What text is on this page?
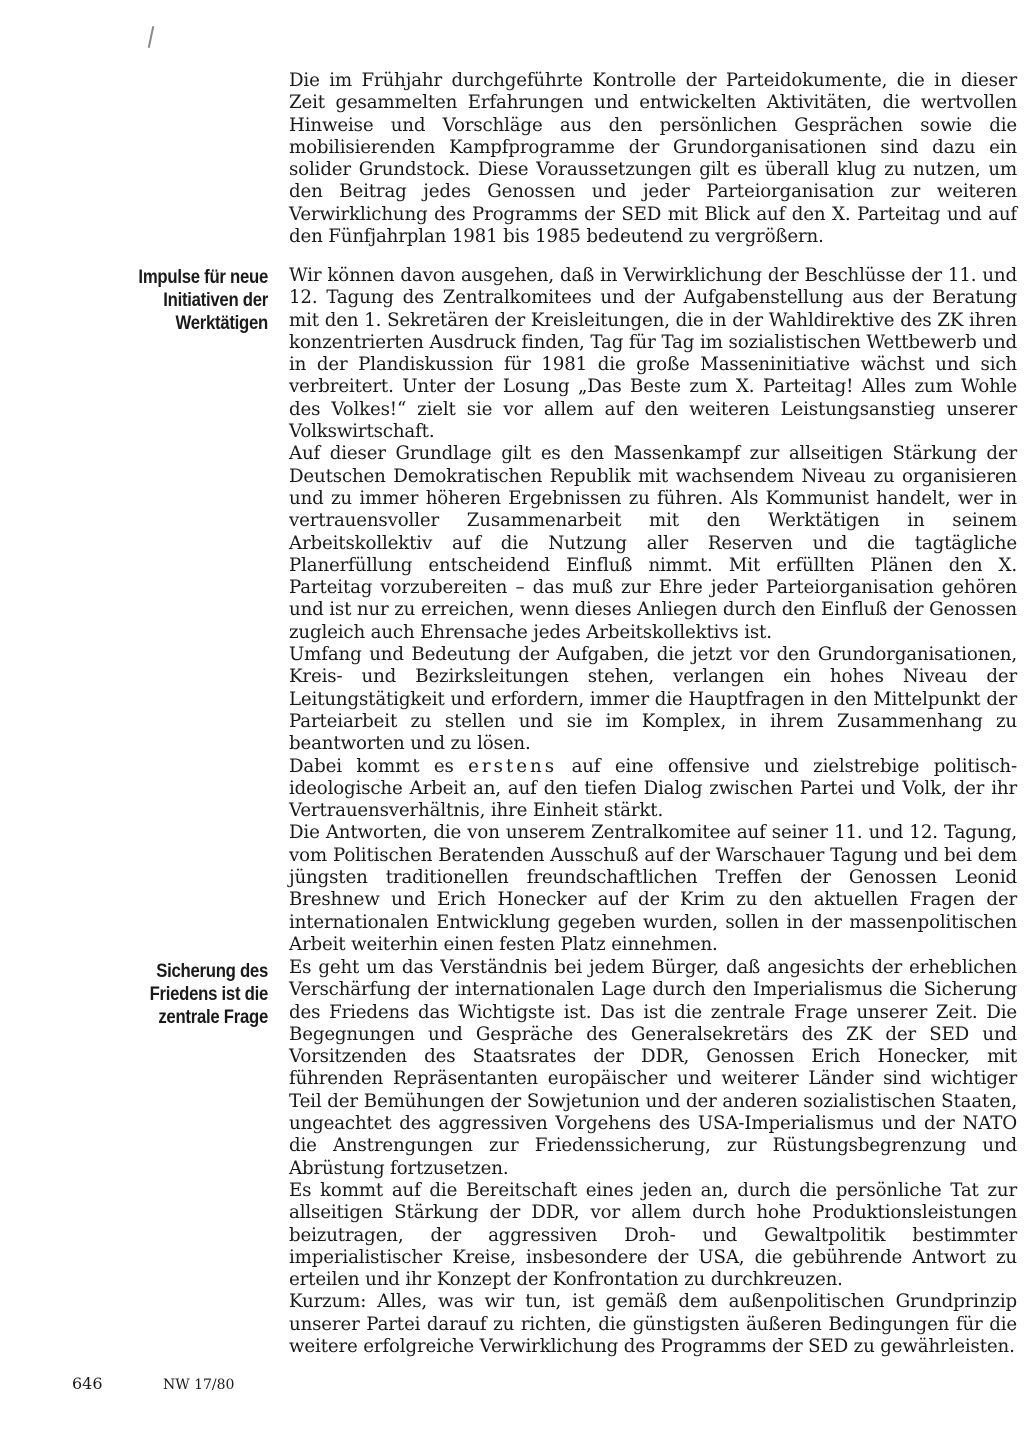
Die im Frühjahr durchgeführte Kontrolle der Parteidokumente, die in dieser Zeit gesammelten Erfahrungen und entwickelten Aktivitäten, die wertvollen Hinweise und Vorschläge aus den persönlichen Gesprächen sowie die mobilisierenden Kampfprogramme der Grundorganisationen sind dazu ein solider Grundstock. Diese Voraussetzungen gilt es überall klug zu nutzen, um den Beitrag jedes Genossen und jeder Parteiorganisation zur weiteren Verwirklichung des Programms der SED mit Blick auf den X. Parteitag und auf den Fünfjahrplan 1981 bis 1985 bedeutend zu vergrößern.

Impulse für neue
Initiativen der
Werktätigen

Wir können davon ausgehen, daß in Verwirklichung der Beschlüsse der 11. und 12. Tagung des Zentralkomitees und der Aufgabenstellung aus der Beratung mit den 1. Sekretären der Kreisleitungen, die in der Wahldirektive des ZK ihren konzentrierten Ausdruck finden, Tag für Tag im sozialistischen Wettbewerb und in der Plandiskussion für 1981 die große Masseninitiative wächst und sich verbreitert. Unter der Losung „Das Beste zum X. Parteitag! Alles zum Wohle des Volkes!“ zielt sie vor allem auf den weiteren Leistungsanstieg unserer Volkswirtschaft.

Auf dieser Grundlage gilt es den Massenkampf zur allseitigen Stärkung der Deutschen Demokratischen Republik mit wachsendem Niveau zu organisieren und zu immer höheren Ergebnissen zu führen. Als Kommunist handelt, wer in vertrauensvoller Zusammenarbeit mit den Werktätigen in seinem Arbeitskollektiv auf die Nutzung aller Reserven und die tagtägliche Planerfüllung entscheidend Einfluß nimmt. Mit erfüllten Plänen den X. Parteitag vorzubereiten – das muß zur Ehre jeder Parteiorganisation gehören und ist nur zu erreichen, wenn dieses Anliegen durch den Einfluß der Genossen zugleich auch Ehrensache jedes Arbeitskollektivs ist.

Umfang und Bedeutung der Aufgaben, die jetzt vor den Grundorganisationen, Kreis- und Bezirksleitungen stehen, verlangen ein hohes Niveau der Leitungstätigkeit und erfordern, immer die Hauptfragen in den Mittelpunkt der Parteiarbeit zu stellen und sie im Komplex, in ihrem Zusammenhang zu beantworten und zu lösen.

Dabei kommt es erstens auf eine offensive und zielstrebige politisch-ideologische Arbeit an, auf den tiefen Dialog zwischen Partei und Volk, der ihr Vertrauensverhältnis, ihre Einheit stärkt.

Die Antworten, die von unserem Zentralkomitee auf seiner 11. und 12. Tagung, vom Politischen Beratenden Ausschuß auf der Warschauer Tagung und bei dem jüngsten traditionellen freundschaftlichen Treffen der Genossen Leonid Breshnew und Erich Honecker auf der Krim zu den aktuellen Fragen der internationalen Entwicklung gegeben wurden, sollen in der massenpolitischen Arbeit weiterhin einen festen Platz einnehmen.

Sicherung des
Friedens ist die
zentrale Frage

Es geht um das Verständnis bei jedem Bürger, daß angesichts der erheblichen Verschärfung der internationalen Lage durch den Imperialismus die Sicherung des Friedens das Wichtigste ist. Das ist die zentrale Frage unserer Zeit. Die Begegnungen und Gespräche des Generalsekretärs des ZK der SED und Vorsitzenden des Staatsrates der DDR, Genossen Erich Honecker, mit führenden Repräsentanten europäischer und weiterer Länder sind wichtiger Teil der Bemühungen der Sowjetunion und der anderen sozialistischen Staaten, ungeachtet des aggressiven Vorgehens des USA-Imperialismus und der NATO die Anstrengungen zur Friedenssicherung, zur Rüstungsbegrenzung und Abrüstung fortzusetzen.

Es kommt auf die Bereitschaft eines jeden an, durch die persönliche Tat zur allseitigen Stärkung der DDR, vor allem durch hohe Produktionsleistungen beizutragen, der aggressiven Droh- und Gewaltpolitik bestimmter imperialistischer Kreise, insbesondere der USA, die gebührende Antwort zu erteilen und ihr Konzept der Konfrontation zu durchkreuzen.

Kurzum: Alles, was wir tun, ist gemäß dem außenpolitischen Grundprinzip unserer Partei darauf zu richten, die günstigsten äußeren Bedingungen für die weitere erfolgreiche Verwirklichung des Programms der SED zu gewährleisten.

646	NW 17/80
